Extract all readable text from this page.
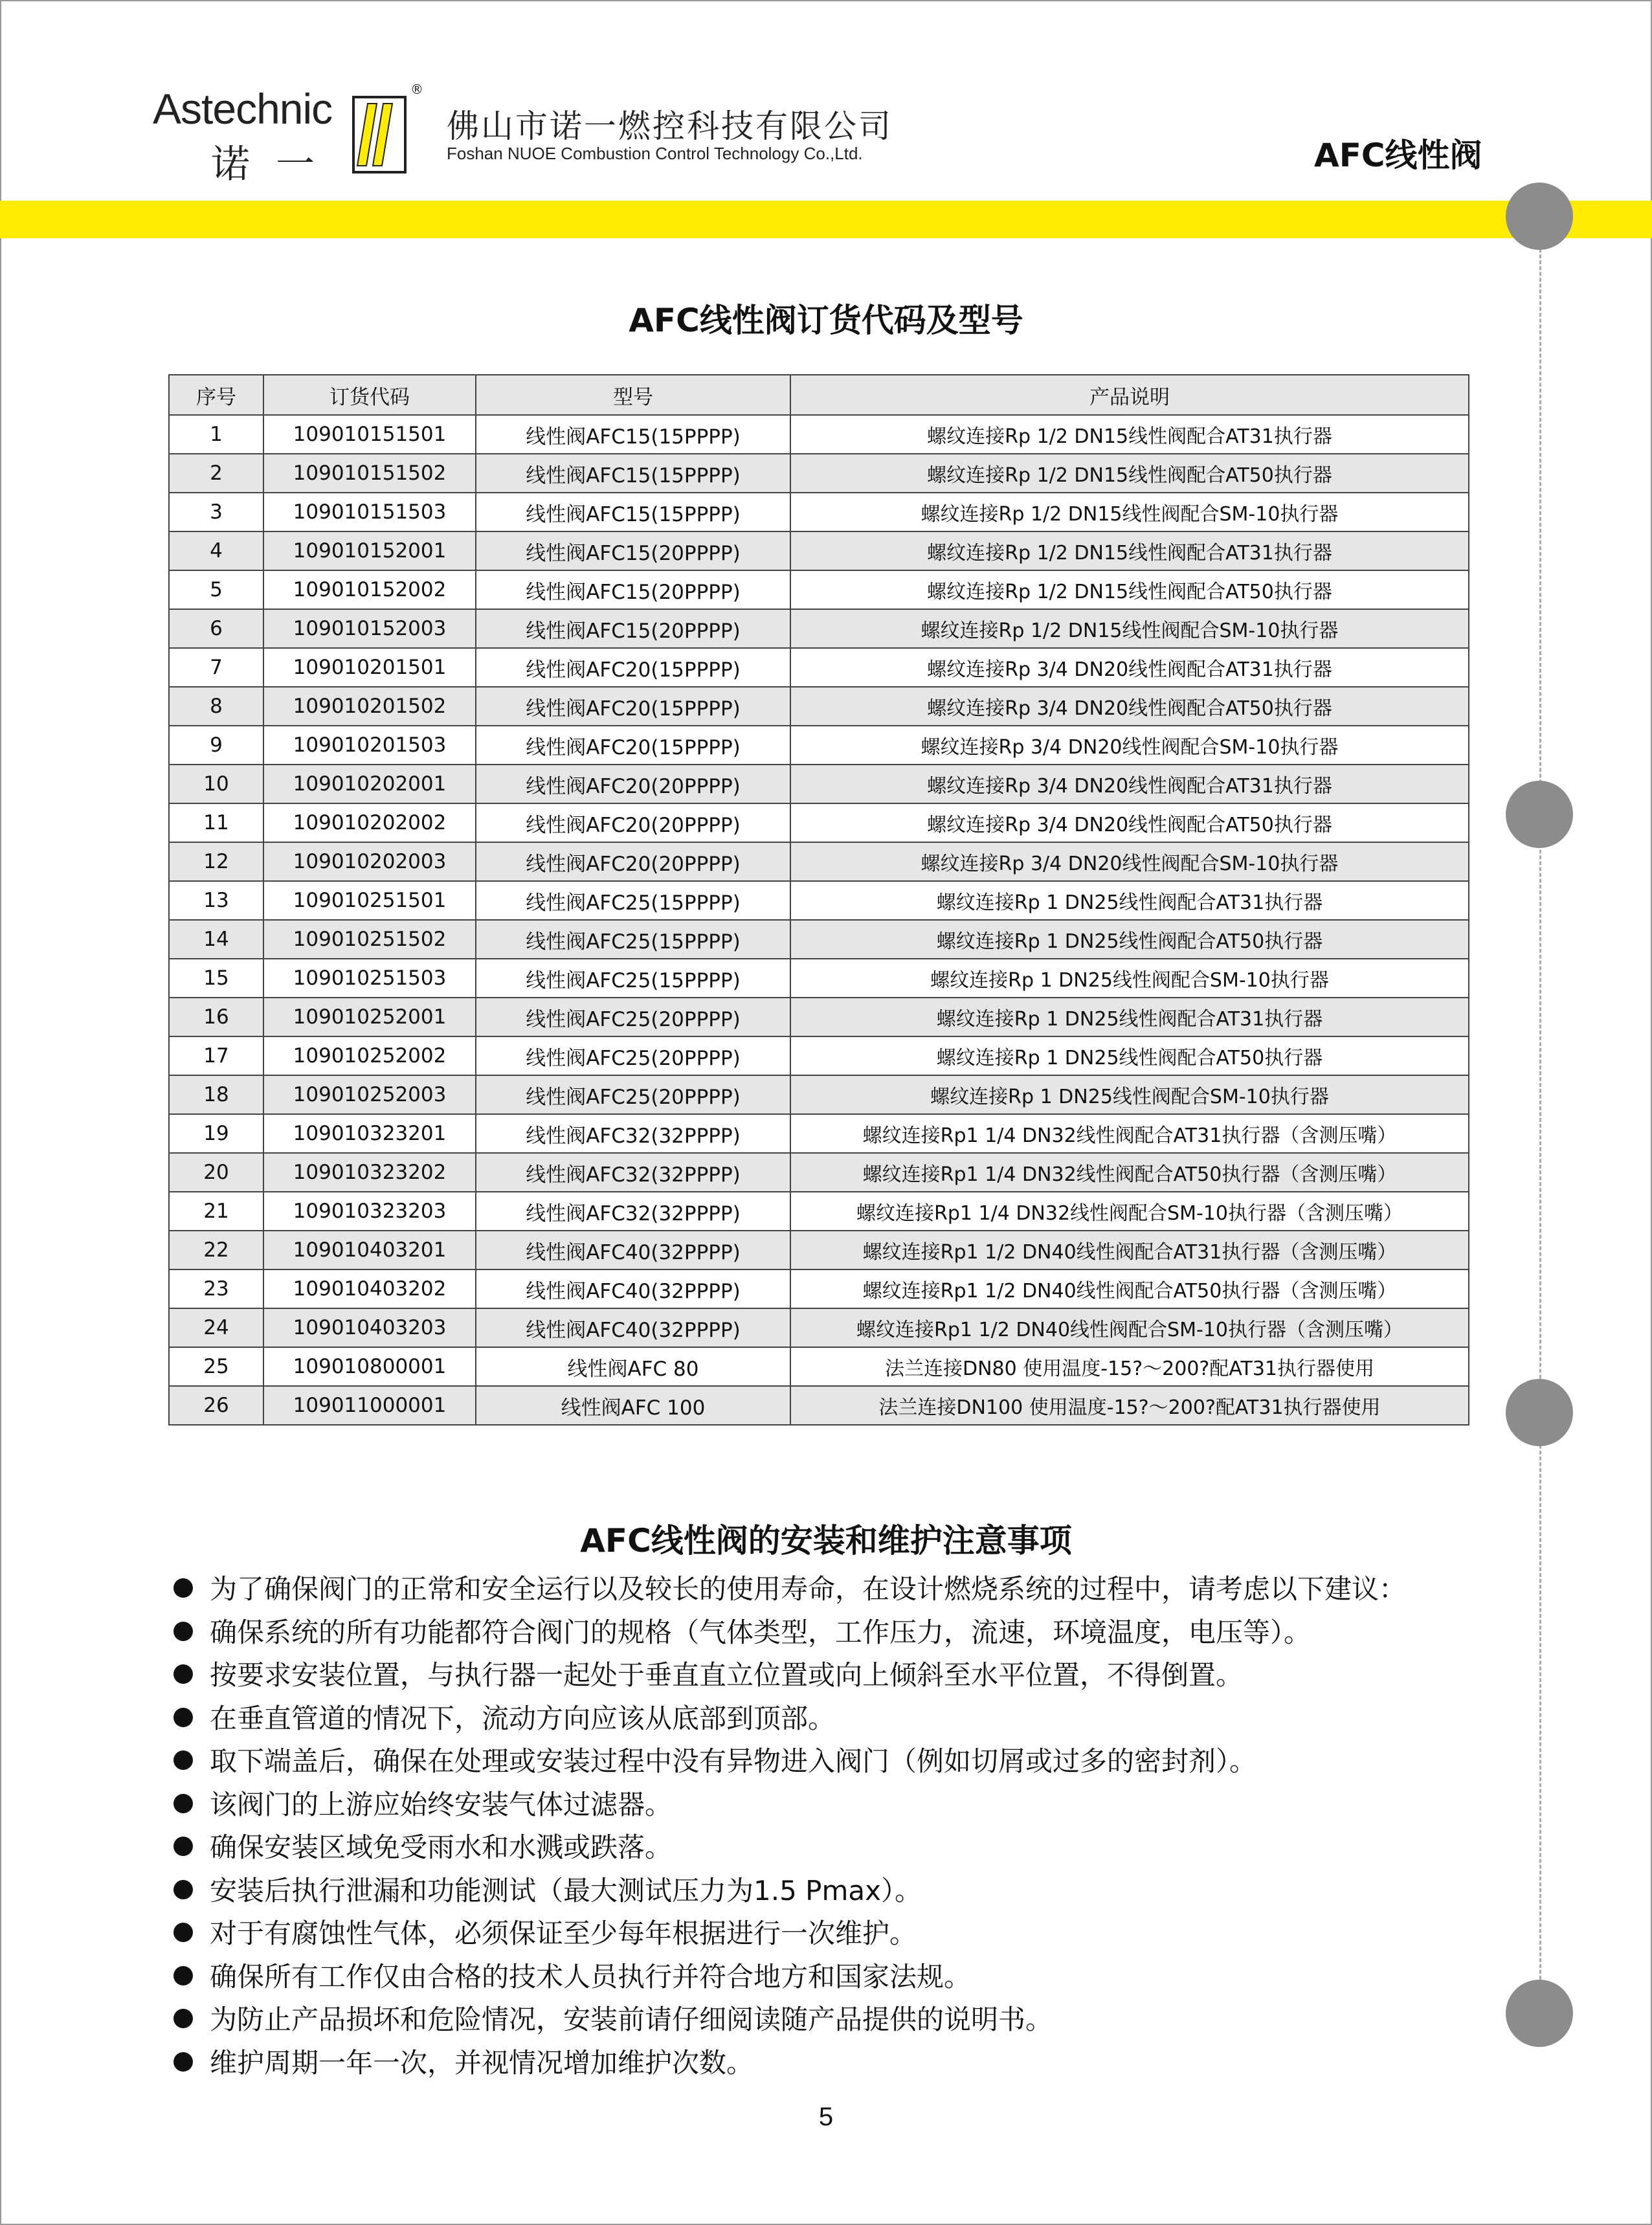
Astechnic
诺一
®
佛山市诺一燃控科技有限公司
Foshan NUOE Combustion Control Technology Co.,Ltd.	AFC线性阀
AFC线性阀订货代码及型号
序号	订货代码	型号	产品说明
1	109010151501	线性阀AFC15(15PPPP)	螺纹连接Rp 1/2 DN15线性阀配合AT31执行器
2	109010151502	线性阀AFC15(15PPPP)	螺纹连接Rp 1/2 DN15线性阀配合AT50执行器
3	109010151503	线性阀AFC15(15PPPP)	螺纹连接Rp 1/2 DN15线性阀配合SM-10执行器
4	109010152001	线性阀AFC15(20PPPP)	螺纹连接Rp 1/2 DN15线性阀配合AT31执行器
5	109010152002	线性阀AFC15(20PPPP)	螺纹连接Rp 1/2 DN15线性阀配合AT50执行器
6	109010152003	线性阀AFC15(20PPPP)	螺纹连接Rp 1/2 DN15线性阀配合SM-10执行器
7	109010201501	线性阀AFC20(15PPPP)	螺纹连接Rp 3/4 DN20线性阀配合AT31执行器
8	109010201502	线性阀AFC20(15PPPP)	螺纹连接Rp 3/4 DN20线性阀配合AT50执行器
9	109010201503	线性阀AFC20(15PPPP)	螺纹连接Rp 3/4 DN20线性阀配合SM-10执行器
10	109010202001	线性阀AFC20(20PPPP)	螺纹连接Rp 3/4 DN20线性阀配合AT31执行器
11	109010202002	线性阀AFC20(20PPPP)	螺纹连接Rp 3/4 DN20线性阀配合AT50执行器
12	109010202003	线性阀AFC20(20PPPP)	螺纹连接Rp 3/4 DN20线性阀配合SM-10执行器
13	109010251501	线性阀AFC25(15PPPP)	螺纹连接Rp 1 DN25线性阀配合AT31执行器
14	109010251502	线性阀AFC25(15PPPP)	螺纹连接Rp 1 DN25线性阀配合AT50执行器
15	109010251503	线性阀AFC25(15PPPP)	螺纹连接Rp 1 DN25线性阀配合SM-10执行器
16	109010252001	线性阀AFC25(20PPPP)	螺纹连接Rp 1 DN25线性阀配合AT31执行器
17	109010252002	线性阀AFC25(20PPPP)	螺纹连接Rp 1 DN25线性阀配合AT50执行器
18	109010252003	线性阀AFC25(20PPPP)	螺纹连接Rp 1 DN25线性阀配合SM-10执行器
19	109010323201	线性阀AFC32(32PPPP)	螺纹连接Rp1 1/4 DN32线性阀配合AT31执行器（含测压嘴）
20	109010323202	线性阀AFC32(32PPPP)	螺纹连接Rp1 1/4 DN32线性阀配合AT50执行器（含测压嘴）
21	109010323203	线性阀AFC32(32PPPP)	螺纹连接Rp1 1/4 DN32线性阀配合SM-10执行器（含测压嘴）
22	109010403201	线性阀AFC40(32PPPP)	螺纹连接Rp1 1/2 DN40线性阀配合AT31执行器（含测压嘴）
23	109010403202	线性阀AFC40(32PPPP)	螺纹连接Rp1 1/2 DN40线性阀配合AT50执行器（含测压嘴）
24	109010403203	线性阀AFC40(32PPPP)	螺纹连接Rp1 1/2 DN40线性阀配合SM-10执行器（含测压嘴）
25	109010800001	线性阀AFC 80	法兰连接DN80 使用温度-15?～200?配AT31执行器使用
26	109011000001	线性阀AFC 100	法兰连接DN100 使用温度-15?～200?配AT31执行器使用
AFC线性阀的安装和维护注意事项
为了确保阀门的正常和安全运行以及较长的使用寿命，在设计燃烧系统的过程中，请考虑以下建议：
确保系统的所有功能都符合阀门的规格（气体类型，工作压力，流速，环境温度，电压等）。
按要求安装位置，与执行器一起处于垂直直立位置或向上倾斜至水平位置，不得倒置。
在垂直管道的情况下，流动方向应该从底部到顶部。
取下端盖后，确保在处理或安装过程中没有异物进入阀门（例如切屑或过多的密封剂）。
该阀门的上游应始终安装气体过滤器。
确保安装区域免受雨水和水溅或跌落。
安装后执行泄漏和功能测试（最大测试压力为1.5 Pmax）。
对于有腐蚀性气体，必须保证至少每年根据进行一次维护。
确保所有工作仅由合格的技术人员执行并符合地方和国家法规。
为防止产品损坏和危险情况，安装前请仔细阅读随产品提供的说明书。
维护周期一年一次，并视情况增加维护次数。
5
